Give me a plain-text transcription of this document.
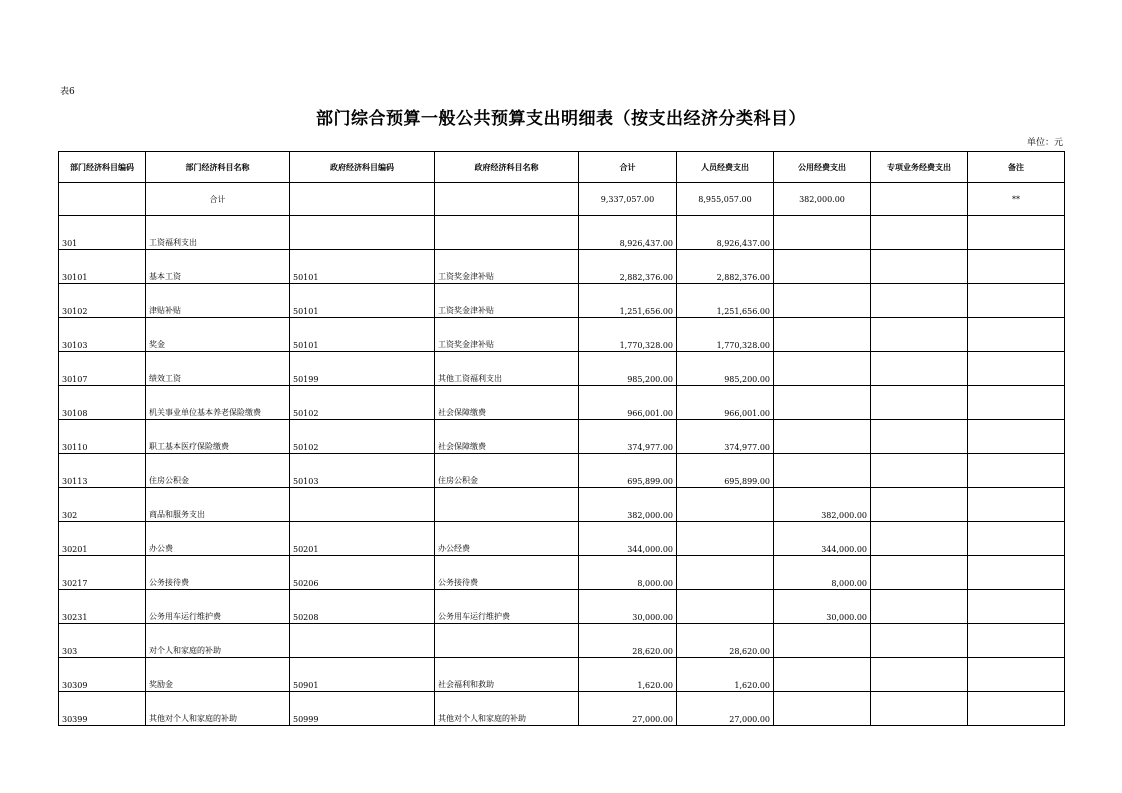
表6
部门综合预算一般公共预算支出明细表（按支出经济分类科目）
单位：元
部门经济科目编码	部门经济科目名称	政府经济科目编码	政府经济科目名称	合计	人员经费支出	公用经费支出	专项业务经费支出	备注
	合计			9,337,057.00	8,955,057.00	382,000.00		**
301	工资福利支出			8,926,437.00	8,926,437.00			
30101	基本工资	50101	工资奖金津补贴	2,882,376.00	2,882,376.00			
30102	津贴补贴	50101	工资奖金津补贴	1,251,656.00	1,251,656.00			
30103	奖金	50101	工资奖金津补贴	1,770,328.00	1,770,328.00			
30107	绩效工资	50199	其他工资福利支出	985,200.00	985,200.00			
30108	机关事业单位基本养老保险缴费	50102	社会保障缴费	966,001.00	966,001.00			
30110	职工基本医疗保险缴费	50102	社会保障缴费	374,977.00	374,977.00			
30113	住房公积金	50103	住房公积金	695,899.00	695,899.00			
302	商品和服务支出			382,000.00		382,000.00		
30201	办公费	50201	办公经费	344,000.00		344,000.00		
30217	公务接待费	50206	公务接待费	8,000.00		8,000.00		
30231	公务用车运行维护费	50208	公务用车运行维护费	30,000.00		30,000.00		
303	对个人和家庭的补助			28,620.00	28,620.00			
30309	奖励金	50901	社会福利和救助	1,620.00	1,620.00			
30399	其他对个人和家庭的补助	50999	其他对个人和家庭的补助	27,000.00	27,000.00			
